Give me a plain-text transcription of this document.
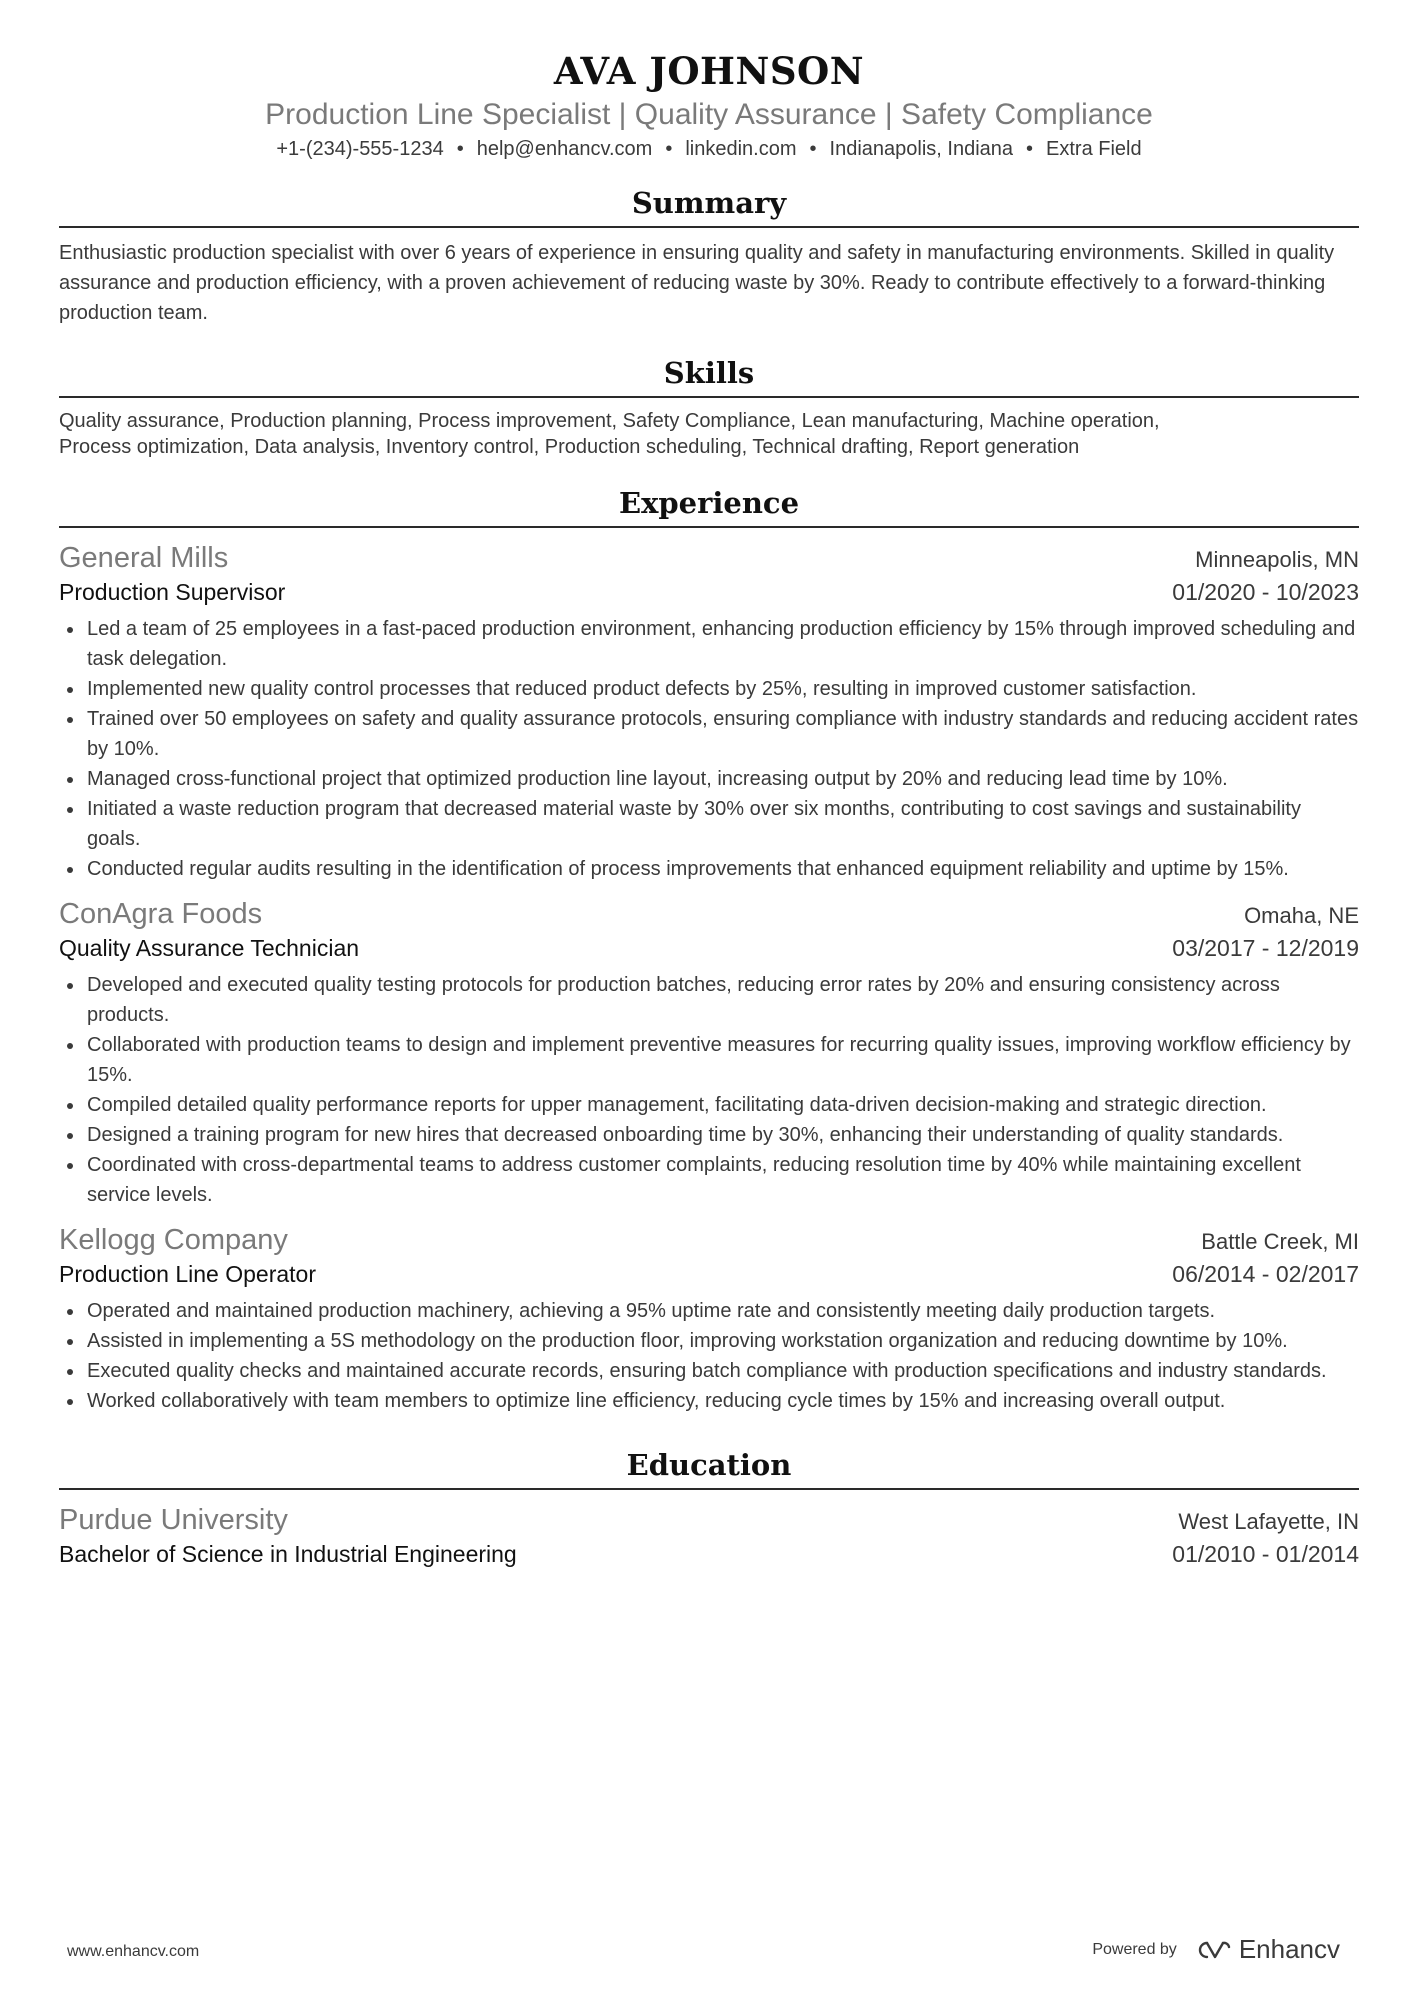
AVA JOHNSON
Production Line Specialist | Quality Assurance | Safety Compliance
+1-(234)-555-1234 • help@enhancv.com • linkedin.com • Indianapolis, Indiana • Extra Field
Summary
Enthusiastic production specialist with over 6 years of experience in ensuring quality and safety in manufacturing environments. Skilled in quality assurance and production efficiency, with a proven achievement of reducing waste by 30%. Ready to contribute effectively to a forward-thinking production team.
Skills
Quality assurance, Production planning, Process improvement, Safety Compliance, Lean manufacturing, Machine operation,
Process optimization, Data analysis, Inventory control, Production scheduling, Technical drafting, Report generation
Experience
General Mills	Minneapolis, MN
Production Supervisor	01/2020 - 10/2023
Led a team of 25 employees in a fast-paced production environment, enhancing production efficiency by 15% through improved scheduling and task delegation.
Implemented new quality control processes that reduced product defects by 25%, resulting in improved customer satisfaction.
Trained over 50 employees on safety and quality assurance protocols, ensuring compliance with industry standards and reducing accident rates by 10%.
Managed cross-functional project that optimized production line layout, increasing output by 20% and reducing lead time by 10%.
Initiated a waste reduction program that decreased material waste by 30% over six months, contributing to cost savings and sustainability goals.
Conducted regular audits resulting in the identification of process improvements that enhanced equipment reliability and uptime by 15%.
ConAgra Foods	Omaha, NE
Quality Assurance Technician	03/2017 - 12/2019
Developed and executed quality testing protocols for production batches, reducing error rates by 20% and ensuring consistency across products.
Collaborated with production teams to design and implement preventive measures for recurring quality issues, improving workflow efficiency by 15%.
Compiled detailed quality performance reports for upper management, facilitating data-driven decision-making and strategic direction.
Designed a training program for new hires that decreased onboarding time by 30%, enhancing their understanding of quality standards.
Coordinated with cross-departmental teams to address customer complaints, reducing resolution time by 40% while maintaining excellent service levels.
Kellogg Company	Battle Creek, MI
Production Line Operator	06/2014 - 02/2017
Operated and maintained production machinery, achieving a 95% uptime rate and consistently meeting daily production targets.
Assisted in implementing a 5S methodology on the production floor, improving workstation organization and reducing downtime by 10%.
Executed quality checks and maintained accurate records, ensuring batch compliance with production specifications and industry standards.
Worked collaboratively with team members to optimize line efficiency, reducing cycle times by 15% and increasing overall output.
Education
Purdue University	West Lafayette, IN
Bachelor of Science in Industrial Engineering	01/2010 - 01/2014
www.enhancv.com	Powered by Enhancv
